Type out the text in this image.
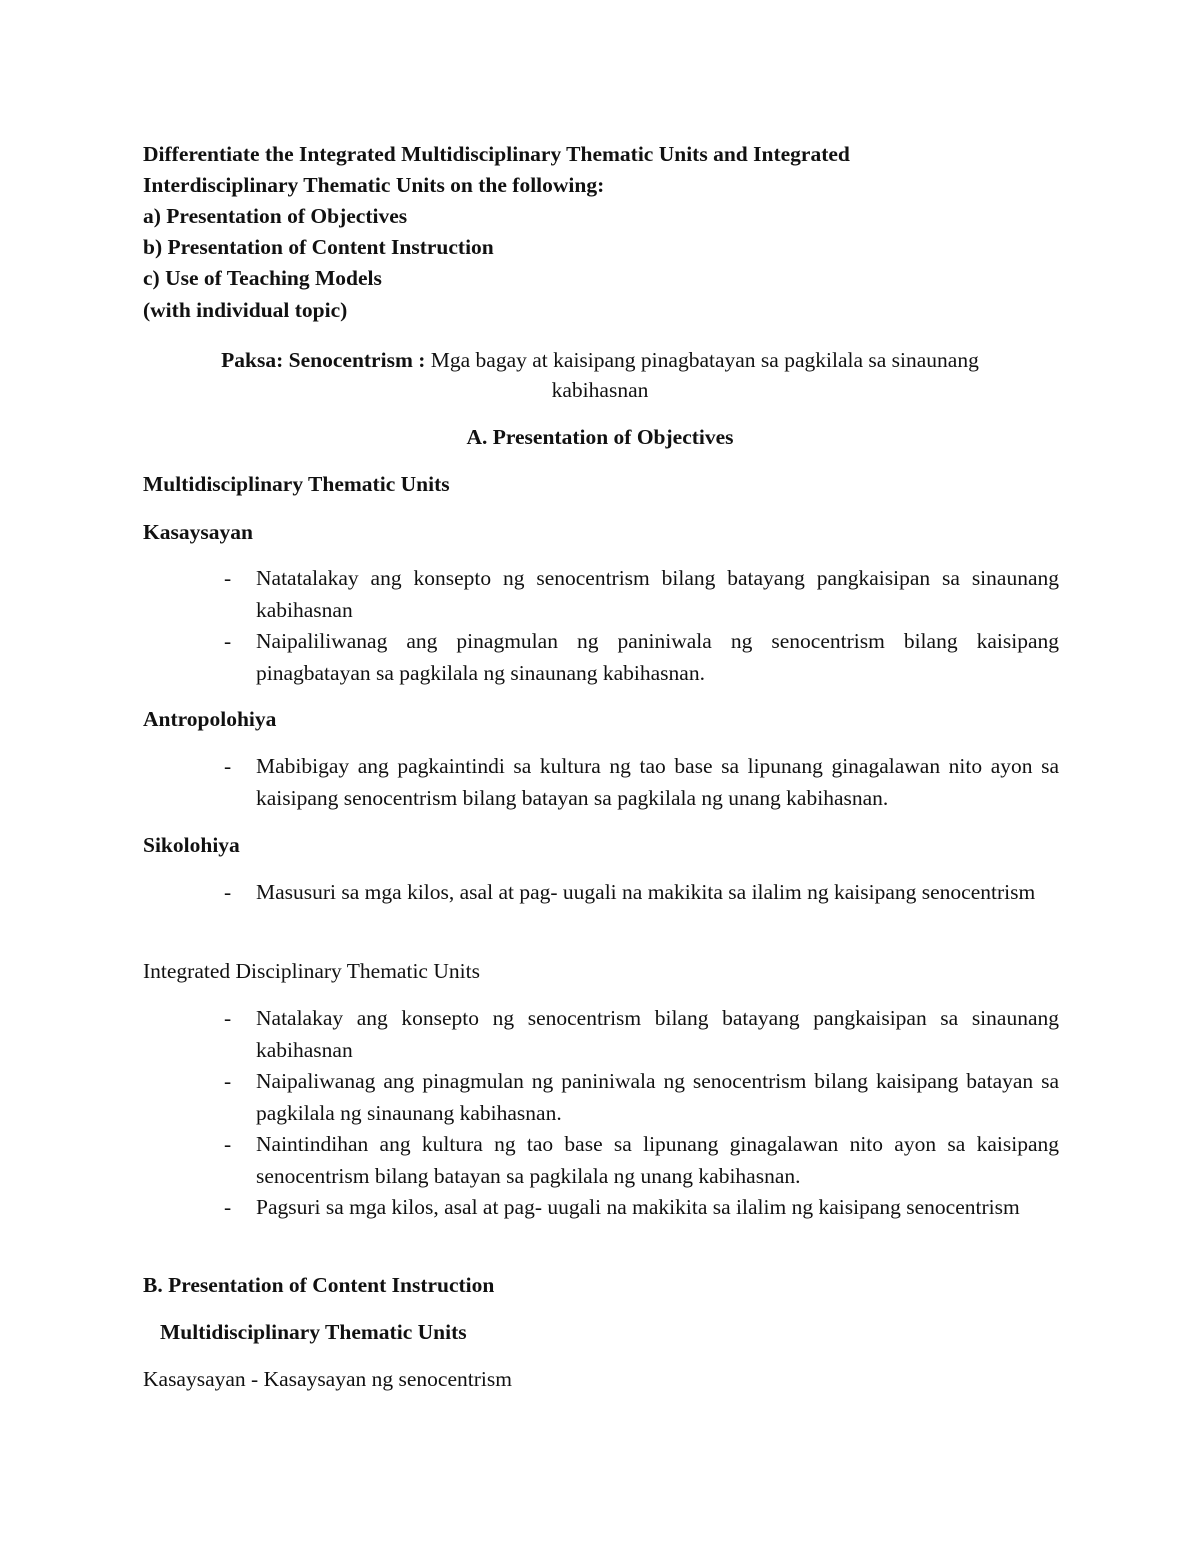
Differentiate the Integrated Multidisciplinary Thematic Units and Integrated
Interdisciplinary Thematic Units on the following:
a) Presentation of Objectives
b) Presentation of Content Instruction
c) Use of Teaching Models
(with individual topic)
Paksa: Senocentrism : Mga bagay at kaisipang pinagbatayan sa pagkilala sa sinaunang
kabihasnan
A. Presentation of Objectives
Multidisciplinary Thematic Units
Kasaysayan
- Natatalakay ang konsepto ng senocentrism bilang batayang pangkaisipan sa sinaunang kabihasnan
- Naipaliliwanag ang pinagmulan ng paniniwala ng senocentrism bilang kaisipang pinagbatayan sa pagkilala ng sinaunang kabihasnan.
Antropolohiya
- Mabibigay ang pagkaintindi sa kultura ng tao base sa lipunang ginagalawan nito ayon sa kaisipang senocentrism bilang batayan sa pagkilala ng unang kabihasnan.
Sikolohiya
- Masusuri sa mga kilos, asal at pag- uugali na makikita sa ilalim ng kaisipang senocentrism
Integrated Disciplinary Thematic Units
- Natalakay ang konsepto ng senocentrism bilang batayang pangkaisipan sa sinaunang kabihasnan
- Naipaliwanag ang pinagmulan ng paniniwala ng senocentrism bilang kaisipang batayan sa pagkilala ng sinaunang kabihasnan.
- Naintindihan ang kultura ng tao base sa lipunang ginagalawan nito ayon sa kaisipang senocentrism bilang batayan sa pagkilala ng unang kabihasnan.
- Pagsuri sa mga kilos, asal at pag- uugali na makikita sa ilalim ng kaisipang senocentrism
B. Presentation of Content Instruction
Multidisciplinary Thematic Units
Kasaysayan - Kasaysayan ng senocentrism
